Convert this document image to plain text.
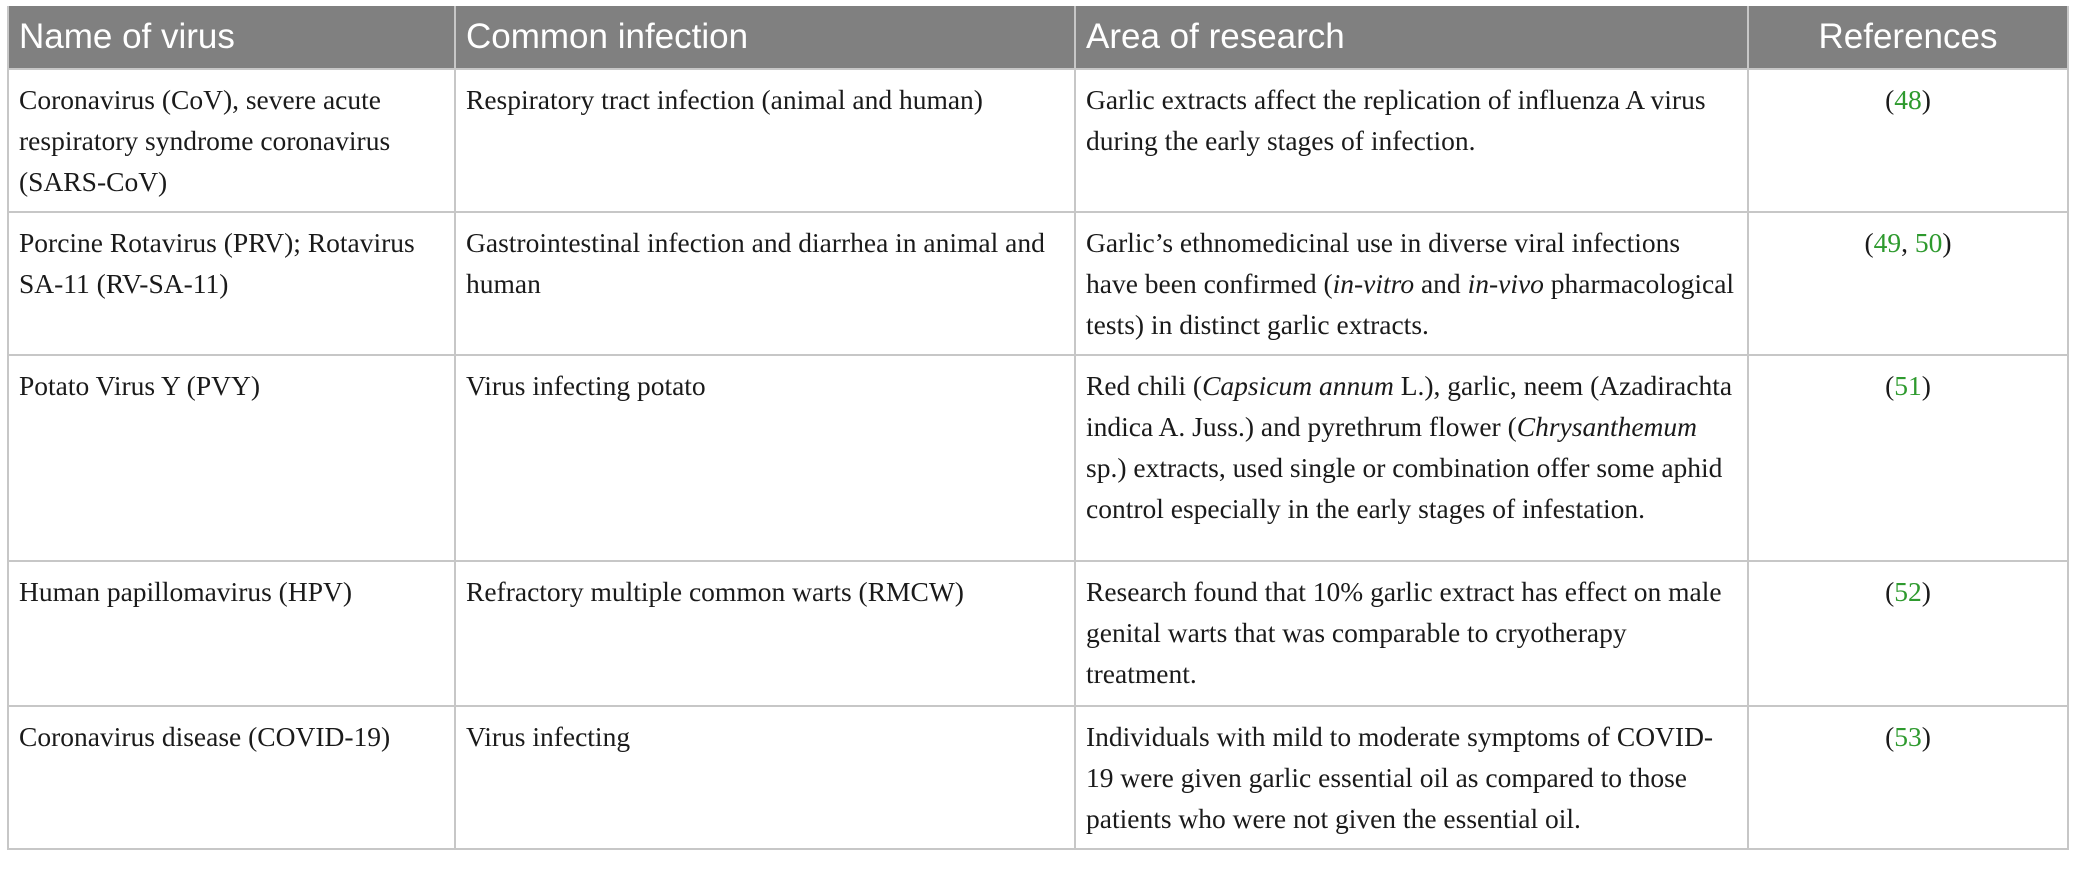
Name of virus	Common infection	Area of research	References
Coronavirus (CoV), severe acute respiratory syndrome coronavirus (SARS-CoV)	Respiratory tract infection (animal and human)	Garlic extracts affect the replication of influenza A virus during the early stages of infection.	(48)
Porcine Rotavirus (PRV); Rotavirus SA-11 (RV-SA-11)	Gastrointestinal infection and diarrhea in animal and human	Garlic’s ethnomedicinal use in diverse viral infections have been confirmed (in-vitro and in-vivo pharmacological tests) in distinct garlic extracts.	(49, 50)
Potato Virus Y (PVY)	Virus infecting potato	Red chili (Capsicum annum L.), garlic, neem (Azadirachta indica A. Juss.) and pyrethrum flower (Chrysanthemum sp.) extracts, used single or combination offer some aphid control especially in the early stages of infestation.	(51)
Human papillomavirus (HPV)	Refractory multiple common warts (RMCW)	Research found that 10% garlic extract has effect on male genital warts that was comparable to cryotherapy treatment.	(52)
Coronavirus disease (COVID-19)	Virus infecting	Individuals with mild to moderate symptoms of COVID-19 were given garlic essential oil as compared to those patients who were not given the essential oil.	(53)
